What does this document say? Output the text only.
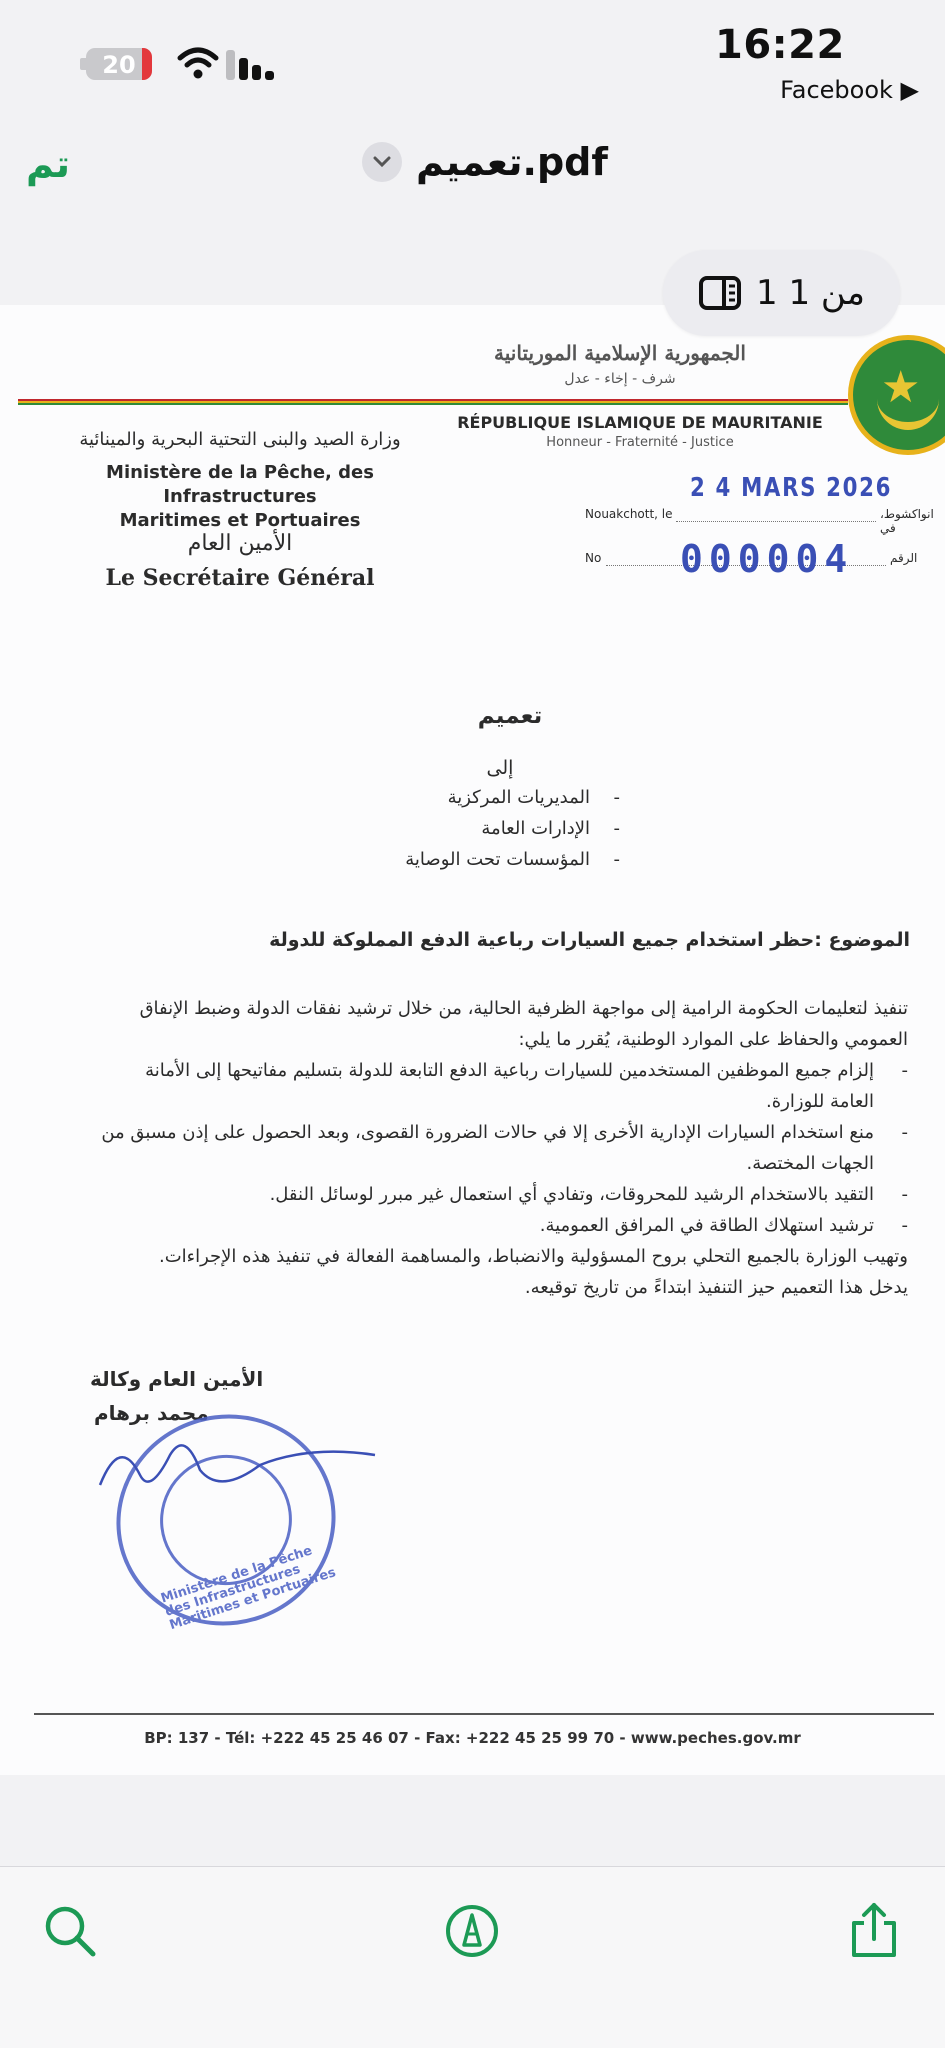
20	16:22
Facebook ▶
تم	تعميم.pdf
1 من 1
الجمهورية الإسلامية الموريتانية
شرف - إخاء - عدل	★
RÉPUBLIQUE ISLAMIQUE DE MAURITANIE
Honneur - Fraternité - Justice
وزارة الصيد والبنى التحتية البحرية والمينائية
Ministère de la Pêche, des Infrastructures
Maritimes et Portuaires
الأمين العام
Le Secrétaire Général
2 4 MARS 2026
Nouakchott, le	انواكشوط، في
No	الرقم
000004
تعميم
إلى
- المديريات المركزية
- الإدارات العامة
- المؤسسات تحت الوصاية
الموضوع :حظر استخدام جميع السيارات رباعية الدفع المملوكة للدولة

تنفيذ لتعليمات الحكومة الرامية إلى مواجهة الظرفية الحالية، من خلال ترشيد نفقات الدولة وضبط الإنفاق العمومي والحفاظ على الموارد الوطنية، يُقرر ما يلي:

- إلزام جميع الموظفين المستخدمين للسيارات رباعية الدفع التابعة للدولة بتسليم مفاتيحها إلى الأمانة العامة للوزارة.
- منع استخدام السيارات الإدارية الأخرى إلا في حالات الضرورة القصوى، وبعد الحصول على إذن مسبق من الجهات المختصة.
- التقيد بالاستخدام الرشيد للمحروقات، وتفادي أي استعمال غير مبرر لوسائل النقل.
- ترشيد استهلاك الطاقة في المرافق العمومية.

وتهيب الوزارة بالجميع التحلي بروح المسؤولية والانضباط، والمساهمة الفعالة في تنفيذ هذه الإجراءات.

يدخل هذا التعميم حيز التنفيذ ابتداءً من تاريخ توقيعه.

الأمين العام وكالة
محمد برهام
Ministère de la Pêche des Infrastructures Maritimes et Portuaires
BP: 137 - Tél: +222 45 25 46 07 - Fax: +222 45 25 99 70 - www.peches.gov.mr
